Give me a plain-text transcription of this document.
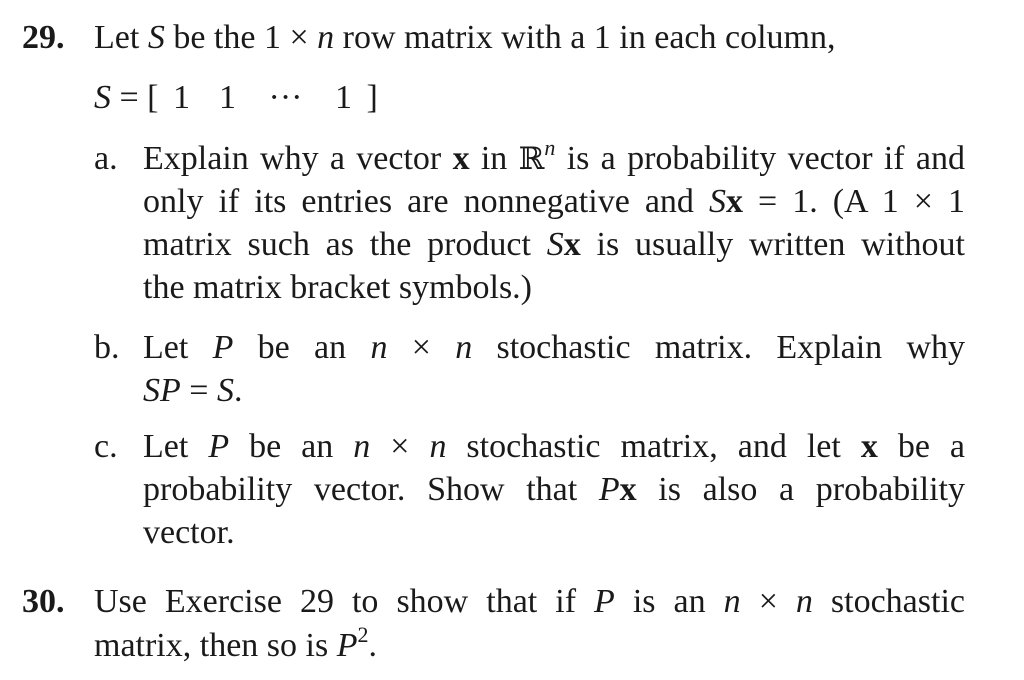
29. Let S be the 1 × n row matrix with a 1 in each column,
S = [ 1 1 ··· 1 ]
a. Explain why a vector x in ℝ$^n$ is a probability vector if and
only if its entries are nonnegative and Sx = 1. (A 1 × 1
matrix such as the product Sx is usually written without
the matrix bracket symbols.)
b. Let P be an n × n stochastic matrix. Explain why
SP = S.
c. Let P be an n × n stochastic matrix, and let x be a
probability vector. Show that Px is also a probability
vector.
30. Use Exercise 29 to show that if P is an n × n stochastic
matrix, then so is $P^2$.
